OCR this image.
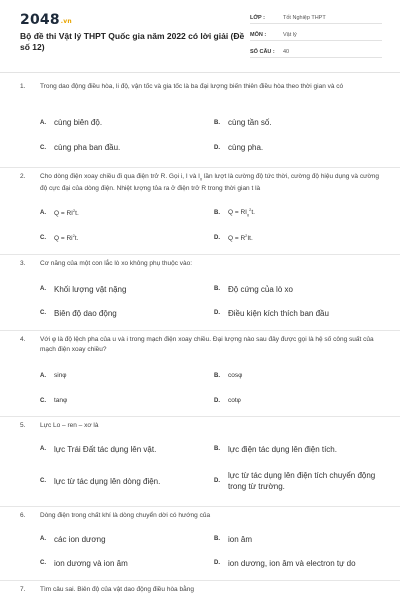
2048.vn
Bộ đề thi Vật lý THPT Quốc gia năm 2022 có lời giải (Đề số 12)
LỚP :	Tốt Nghiệp THPT
MÔN :	Vật lý
SỐ CÂU :	40
1. Trong dao động điều hòa, li độ, vận tốc và gia tốc là ba đại lượng biến thiên điều hòa theo thời gian và có
A.	cùng biên độ.	B.	cùng tần số.
C.	cùng pha ban đầu.	D.	cùng pha.
2. Cho dòng điện xoay chiều đi qua điện trở R. Gọi i, I và $I_0$ lần lượt là cường độ tức thời, cường độ hiệu dụng và cường độ cực đại của dòng điện. Nhiệt lượng tỏa ra ở điện trở R trong thời gian t là
A.	$Q = RI^2t$.	B.	$Q = RI_0^2t$.
C.	$Q = Ri^2t$.	D.	$Q = R^2It$.
3. Cơ năng của một con lắc lò xo không phụ thuộc vào:
A.	Khối lượng vật nặng	B.	Độ cứng của lò xo
C.	Biên độ dao động	D.	Điều kiện kích thích ban đầu
4. Với φ là độ lệch pha của u và i trong mạch điện xoay chiều. Đại lượng nào sau đây được gọi là hệ số công suất của mạch điện xoay chiều?
A.	sinφ	B.	cosφ
C.	tanφ	D.	cotφ
5. Lực Lo – ren – xơ là
A.	lực Trái Đất tác dụng lên vật.	B.	lực điện tác dụng lên điện tích.
C.	lực từ tác dụng lên dòng điện.	D.
lực từ tác dụng lên điện tích chuyển động trong từ trường.
6. Dòng điện trong chất khí là dòng chuyển dời có hướng của
A.	các ion dương	B.	ion âm
C.	ion dương và ion âm	D.	ion dương, ion âm và electron tự do
7. Tìm câu sai. Biên độ của vật dao động điều hòa bằng
